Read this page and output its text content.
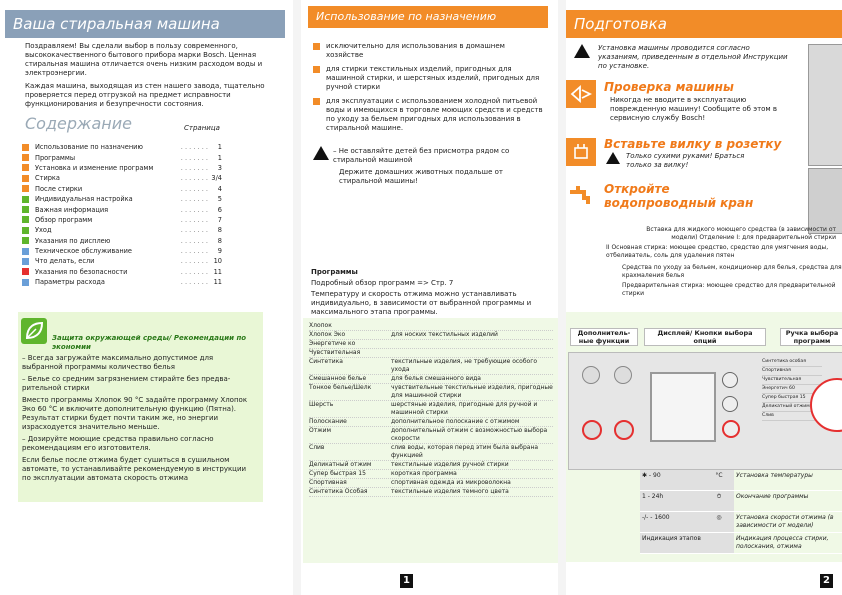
Ваша стиральная машина
Поздравляем! Вы сделали выбор в пользу современного, высококачественного бытового прибора марки Bosch. Ценная стиральная машина отличается очень низким расходом воды и электроэнергии.
Каждая машина, выходящая из стен нашего завода, тщательно проверяется перед отгрузкой на предмет исправности функционирования и безупречности состояния.
Содержание	Страница
Использование по назначению	. . . . . . .	1
Программы	. . . . . . .	1
Установка и изменение программ	. . . . . . .	3
Стирка	. . . . . . . 3/4
После стирки	. . . . . . .	4
Индивидуальная настройка	. . . . . . .	5
Важная информация	. . . . . . .	6
Обзор программ	. . . . . . .	7
Уход	. . . . . . .	8
Указания по дисплею	. . . . . . .	8
Техническое обслуживание	. . . . . . .	9
Что делать, если	. . . . . . . 10
Указания по безопасности	. . . . . . . 11
Параметры расхода	. . . . . . . 11
Защита окружающей среды/ Рекомендации по экономии
– Всегда загружайте максимально допустимое для выбранной программы количество белья
– Белье со средним загрязнением стирайте без предва- рительной стирки
Вместо программы Хлопок 90 °C задайте программу Хлопок Эко 60 °C и включите дополнительную функцию (Пятна). Результат стирки будет почти таким же, но энергии израсходуется значительно меньше.
– Дозируйте моющие средства правильно согласно рекомендациям его изготовителя.
Если белье после отжима будет сушиться в сушильном автомате, то устанавливайте рекомендуемую в инструкции по эксплуатации автомата скорость отжима
Использование по назначению
исключительно для использования в домашнем хозяйстве
для стирки текстильных изделий, пригодных для машинной стирки, и шерстяных изделий, пригодных для ручной стирки
для эксплуатации с использованием холодной питьевой воды и имеющихся в торговле моющих средств и средств по уходу за бельем пригодных для использования в стиральной машине.
– Не оставляйте детей без присмотра рядом со стиральной машиной
Держите домашних животных подальше от стиральной машины!
Программы
Подробный обзор программ => Стр. 7
Температуру и скорость отжима можно устанавливать индивидуально, в зависимости от выбранной программы и максимального этапа программы.
Хлопок
Хлопок Эко	для носких текстильных изделий
Энергетиче ко
Чувствительная
Синтетика	текстильные изделия, не требующие особого ухода
Смешанное белье	для белья смешанного вида
Тонкое белье/Шелк	чувствительные текстильные изделия, пригодные для машинной стирки
Шерсть	шерстяные изделия, пригодные для ручной и машинной стирки
Полоскание	дополнительное полоскание с отжимом
Отжим	дополнительный отжим с возможностью выбора скорости
Слив	слив воды, которая перед этим была выбрана функцией
Деликатный отжим	текстильные изделия ручной стирки
Супер быстрая 15	короткая программа
Спортивная	спортивная одежда из микроволокна
Синтетика Особая	текстильные изделия темного цвета
1
Подготовка
Установка машины проводится согласно указаниям, приведенным в отдельной Инструкции по установке.
Проверка машины
Никогда не вводите в эксплуатацию поврежденную машину! Сообщите об этом в сервисную службу Bosch!
Вставьте вилку в розетку
Только сухими руками! Браться только за вилку!
Откройте водопроводный кран
Вставка для жидкого моющего средства (в зависимости от модели) Отделение I: для предварительной стирки
II Основная стирка: моющее средство, средство для умягчения воды, отбеливатель, соль для удаления пятен
Средства по уходу за бельем, кондиционер для белья, средства для крахмаления белья
Предварительная стирка: моющее средство для предварительной стирки
Дополнитель- ные функции
Дисплей/ Кнопки выбора опций
Ручка выбора программ
Синтетика особая
Спортивная
Чувствительная
Энергетич 60
Супер быстрая 15
Деликатный отжим
Слив
✱ - 90	°C	Установка температуры
1 - 24h	⏱	Окончание программы
-/- - 1600	◎	Установка скорости отжима (в зависимости от модели)
Индикация этапов	Индикация процесса стирки, полоскания, отжима
2
